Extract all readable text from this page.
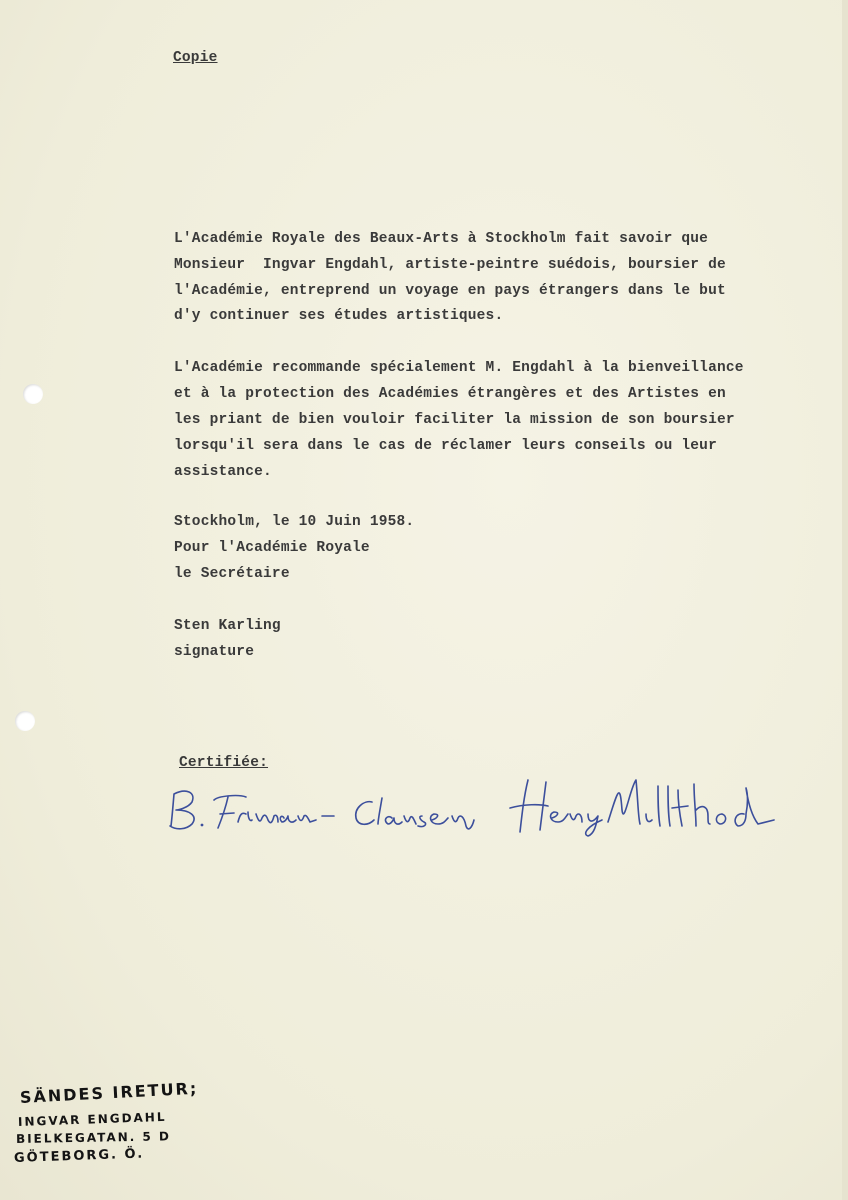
Copie
L'Académie Royale des Beaux-Arts à Stockholm fait savoir que
Monsieur  Ingvar Engdahl, artiste-peintre suédois, boursier de
l'Académie, entreprend un voyage en pays étrangers dans le but
d'y continuer ses études artistiques.
L'Académie recommande spécialement M. Engdahl à la bienveillance
et à la protection des Académies étrangères et des Artistes en
les priant de bien vouloir faciliter la mission de son boursier
lorsqu'il sera dans le cas de réclamer leurs conseils ou leur
assistance.
Stockholm, le 10 Juin 1958.
Pour l'Académie Royale
le Secrétaire
Sten Karling
signature
Certifiée:
SÄNDES IRETUR;
INGVAR ENGDAHL
BIELKEGATAN. 5 D
GÖTEBORG. Ö.
